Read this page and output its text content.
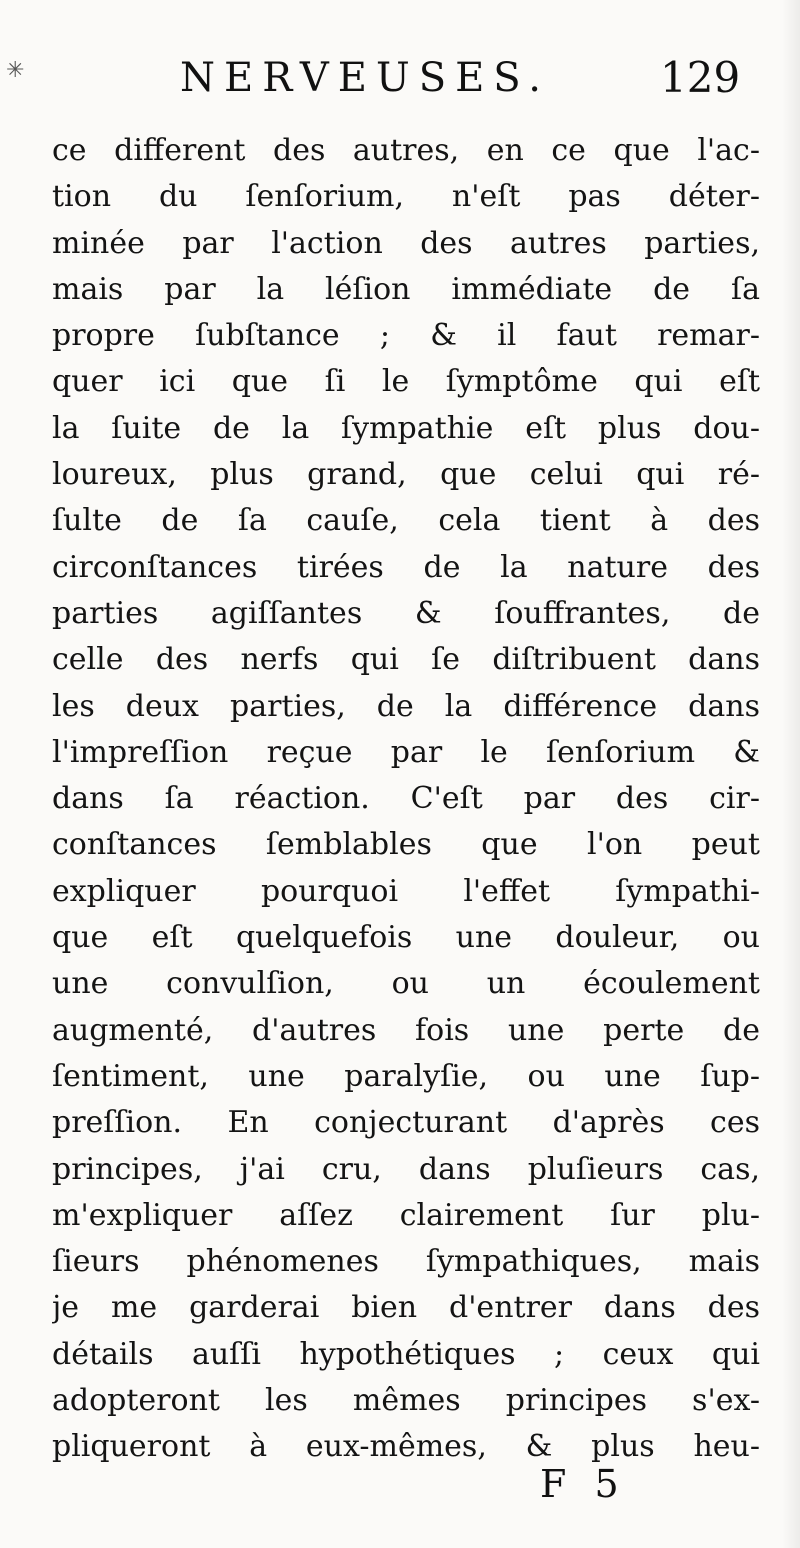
✳	NERVEUSES.	129
ce different des autres, en ce que l'ac-
tion du ſenſorium, n'eſt pas déter-
minée par l'action des autres parties,
mais par la léſion immédiate de ſa
propre ſubſtance ; & il faut remar-
quer ici que ſi le ſymptôme qui eſt
la ſuite de la ſympathie eſt plus dou-
loureux, plus grand, que celui qui ré-
ſulte de ſa cauſe, cela tient à des
circonſtances tirées de la nature des
parties agiſſantes & ſouffrantes, de
celle des nerfs qui ſe diſtribuent dans
les deux parties, de la différence dans
l'impreſſion reçue par le ſenſorium &
dans ſa réaction. C'eſt par des cir-
conſtances ſemblables que l'on peut
expliquer pourquoi l'effet ſympathi-
que eſt quelquefois une douleur, ou
une convulſion, ou un écoulement
augmenté, d'autres fois une perte de
ſentiment, une paralyſie, ou une ſup-
preſſion. En conjecturant d'après ces
principes, j'ai cru, dans pluſieurs cas,
m'expliquer aſſez clairement ſur plu-
ſieurs phénomenes ſympathiques, mais
je me garderai bien d'entrer dans des
détails auſſi hypothétiques ; ceux qui
adopteront les mêmes principes s'ex-
pliqueront à eux-mêmes, & plus heu-
F 5
